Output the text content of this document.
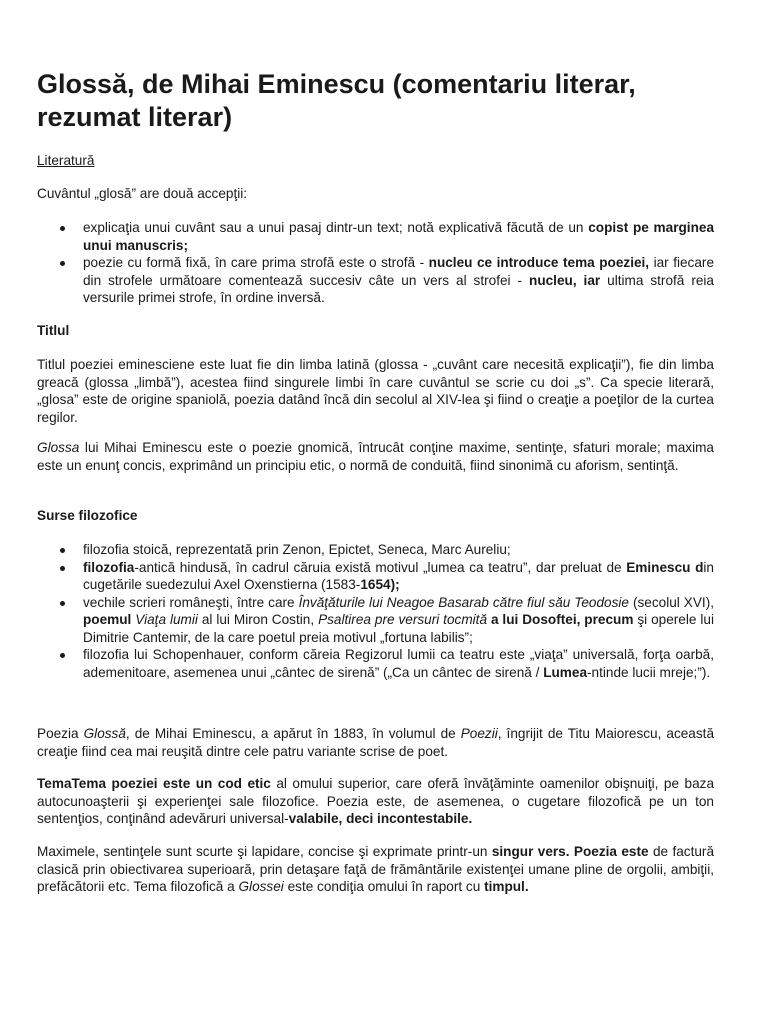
Glossă, de Mihai Eminescu (comentariu literar, rezumat literar)
Literatură

Cuvântul „glosă” are două accepţii:

explicaţia unui cuvânt sau a unui pasaj dintr-un text; notă explicativă făcută de un copist pe marginea unui manuscris;
poezie cu formă fixă, în care prima strofă este o strofă - nucleu ce introduce tema poeziei, iar fiecare din strofele următoare comentează succesiv câte un vers al strofei - nucleu, iar ultima strofă reia versurile primei strofe, în ordine inversă.
Titlul

Titlul poeziei eminesciene este luat fie din limba latină (glossa - „cuvânt care necesită explicaţii”), fie din limba greacă (glossa „limbă”), acestea fiind singurele limbi în care cuvântul se scrie cu doi „s”. Ca specie literară, „glosa” este de origine spaniolă, poezia datând încă din secolul al XIV-lea şi fiind o creaţie a poeţilor de la curtea regilor.

Glossa lui Mihai Eminescu este o poezie gnomică, întrucât conţine maxime, sentinţe, sfaturi morale; maxima este un enunţ concis, exprimând un principiu etic, o normă de conduită, fiind sinonimă cu aforism, sentinţă.

Surse filozofice
filozofia stoică, reprezentată prin Zenon, Epictet, Seneca, Marc Aureliu;
filozofia-antică hindusă, în cadrul căruia există motivul „lumea ca teatru”, dar preluat de Eminescu din cugetările suedezului Axel Oxenstierna (1583-1654);
vechile scrieri româneşti, între care Învăţăturile lui Neagoe Basarab către fiul său Teodosie (secolul XVI), poemul Viaţa lumii al lui Miron Costin, Psaltirea pre versuri tocmită a lui Dosoftei, precum şi operele lui Dimitrie Cantemir, de la care poetul preia motivul „fortuna labilis”;
filozofia lui Schopenhauer, conform căreia Regizorul lumii ca teatru este „viaţa” universală, forţa oarbă, ademenitoare, asemenea unui „cântec de sirenă” („Ca un cântec de sirenă / Lumea-ntinde lucii mreje;”).

Poezia Glossă, de Mihai Eminescu, a apărut în 1883, în volumul de Poezii, îngrijit de Titu Maiorescu, această creaţie fiind cea mai reuşită dintre cele patru variante scrise de poet.

TemaTema poeziei este un cod etic al omului superior, care oferă învăţăminte oamenilor obişnuiţi, pe baza autocunoaşterii şi experienţei sale filozofice. Poezia este, de asemenea, o cugetare filozofică pe un ton sentenţios, conţinând adevăruri universal-valabile, deci incontestabile.

Maximele, sentinţele sunt scurte şi lapidare, concise şi exprimate printr-un singur vers. Poezia este de factură clasică prin obiectivarea superioară, prin detaşare faţă de frământările existenţei umane pline de orgolii, ambiţii, prefăcătorii etc. Tema filozofică a Glossei este condiţia omului în raport cu timpul.
